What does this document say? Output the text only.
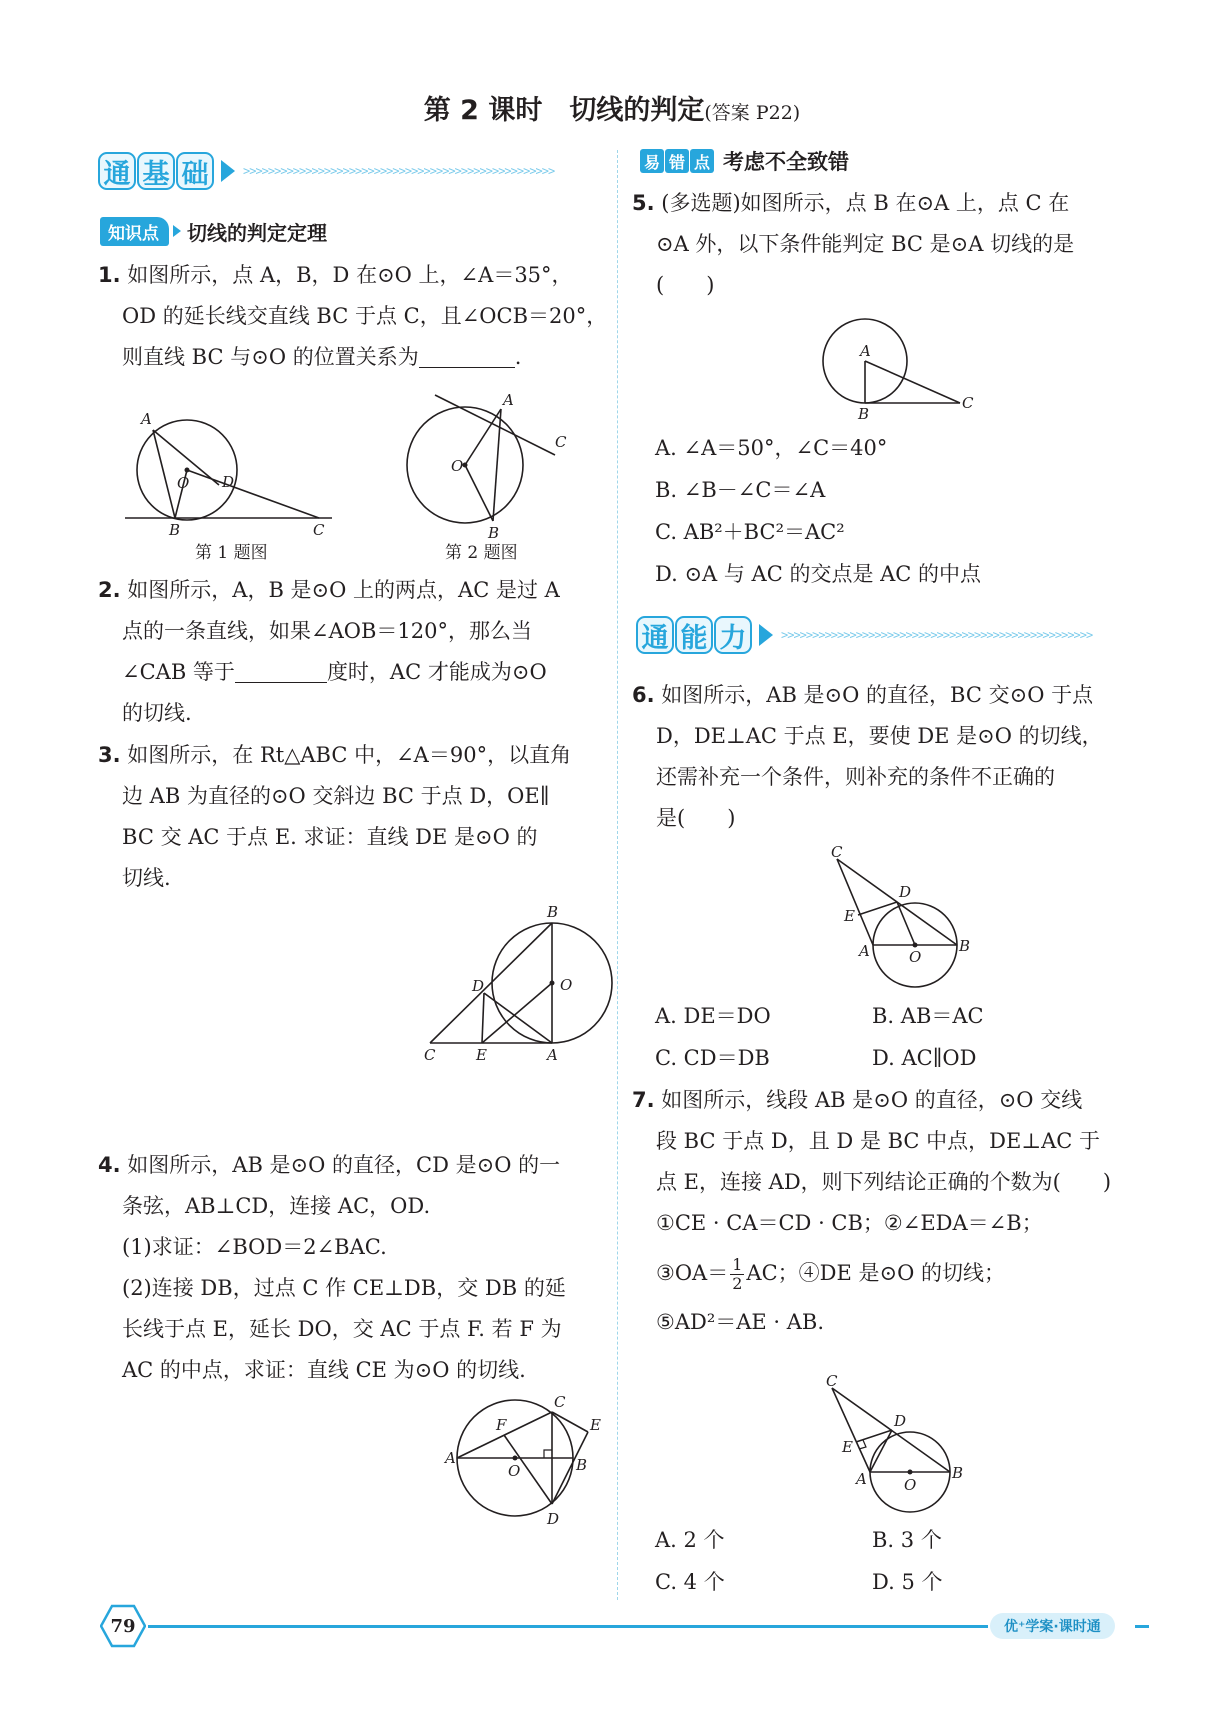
第 2 课时　切线的判定(答案 P22)
通 基 础	>>>>>>>>>>>>>>>>>>>>>>>>>>>>>>>>>>>>>>>>>>>>>>>>>>
知识点	切线的判定定理
1. 如图所示，点 A，B，D 在⊙O 上，∠A＝35°，
OD 的延长线交直线 BC 于点 C，且∠OCB＝20°，
则直线 BC 与⊙O 的位置关系为	.
A
O D
B	C
第 1 题图
A
O
B
C
第 2 题图
2. 如图所示，A，B 是⊙O 上的两点，AC 是过 A
点的一条直线，如果∠AOB＝120°，那么当
∠CAB 等于	度时，AC 才能成为⊙O
的切线.
3. 如图所示，在 Rt△ABC 中，∠A＝90°，以直角
边 AB 为直径的⊙O 交斜边 BC 于点 D，OE∥
BC 交 AC 于点 E. 求证：直线 DE 是⊙O 的
切线.
B
O
D
C	E	A
4. 如图所示，AB 是⊙O 的直径，CD 是⊙O 的一
条弦，AB⊥CD，连接 AC，OD.
(1)求证：∠BOD＝2∠BAC.
(2)连接 DB，过点 C 作 CE⊥DB，交 DB 的延
长线于点 E，延长 DO，交 AC 于点 F. 若 F 为
AC 的中点，求证：直线 CE 为⊙O 的切线.
C
F	E
A
O	B
D
易 错 点 考虑不全致错
5. (多选题)如图所示，点 B 在⊙A 上，点 C 在
⊙A 外，以下条件能判定 BC 是⊙A 切线的是
(　　)
A
B
C
A. ∠A＝50°，∠C＝40°
B. ∠B－∠C＝∠A
C. AB²＋BC²＝AC²
D. ⊙A 与 AC 的交点是 AC 的中点
通 能 力	>>>>>>>>>>>>>>>>>>>>>>>>>>>>>>>>>>>>>>>>>>>>>>>>>>
6. 如图所示，AB 是⊙O 的直径，BC 交⊙O 于点
D，DE⊥AC 于点 E，要使 DE 是⊙O 的切线，
还需补充一个条件，则补充的条件不正确的
是(　　)
C
D
E
A	O
B
A. DE＝DO	B. AB＝AC
C. CD＝DB	D. AC∥OD
7. 如图所示，线段 AB 是⊙O 的直径，⊙O 交线
段 BC 于点 D，且 D 是 BC 中点，DE⊥AC 于
点 E，连接 AD，则下列结论正确的个数为(　　)
①CE · CA＝CD · CB；②∠EDA＝∠B；
③OA＝ $\frac{1}{2}$ AC；④DE 是⊙O 的切线；
⑤AD²＝AE · AB.
C
D
E
A O
B
A. 2 个	B. 3 个
C. 4 个	D. 5 个
79	优⁺学案·课时通
